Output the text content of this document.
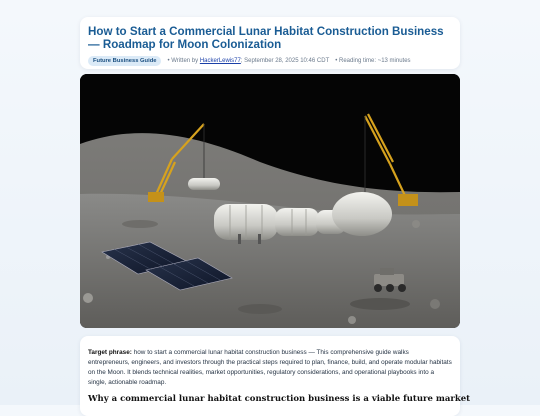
How to Start a Commercial Lunar Habitat Construction Business — Roadmap for Moon Colonization
Future Business Guide	• Written by
HackerLewis77 ; September 28, 2025 10:46 CDT • Reading time: ~13 minutes

Target phrase: how to start a commercial lunar habitat construction business — This comprehensive guide walks entrepreneurs, engineers, and investors through the practical steps required to plan, finance, build, and operate modular habitats on the Moon. It blends technical realities, market opportunities, regulatory considerations, and operational playbooks into a single, actionable roadmap.

Why a commercial lunar habitat construction business is a viable future market
